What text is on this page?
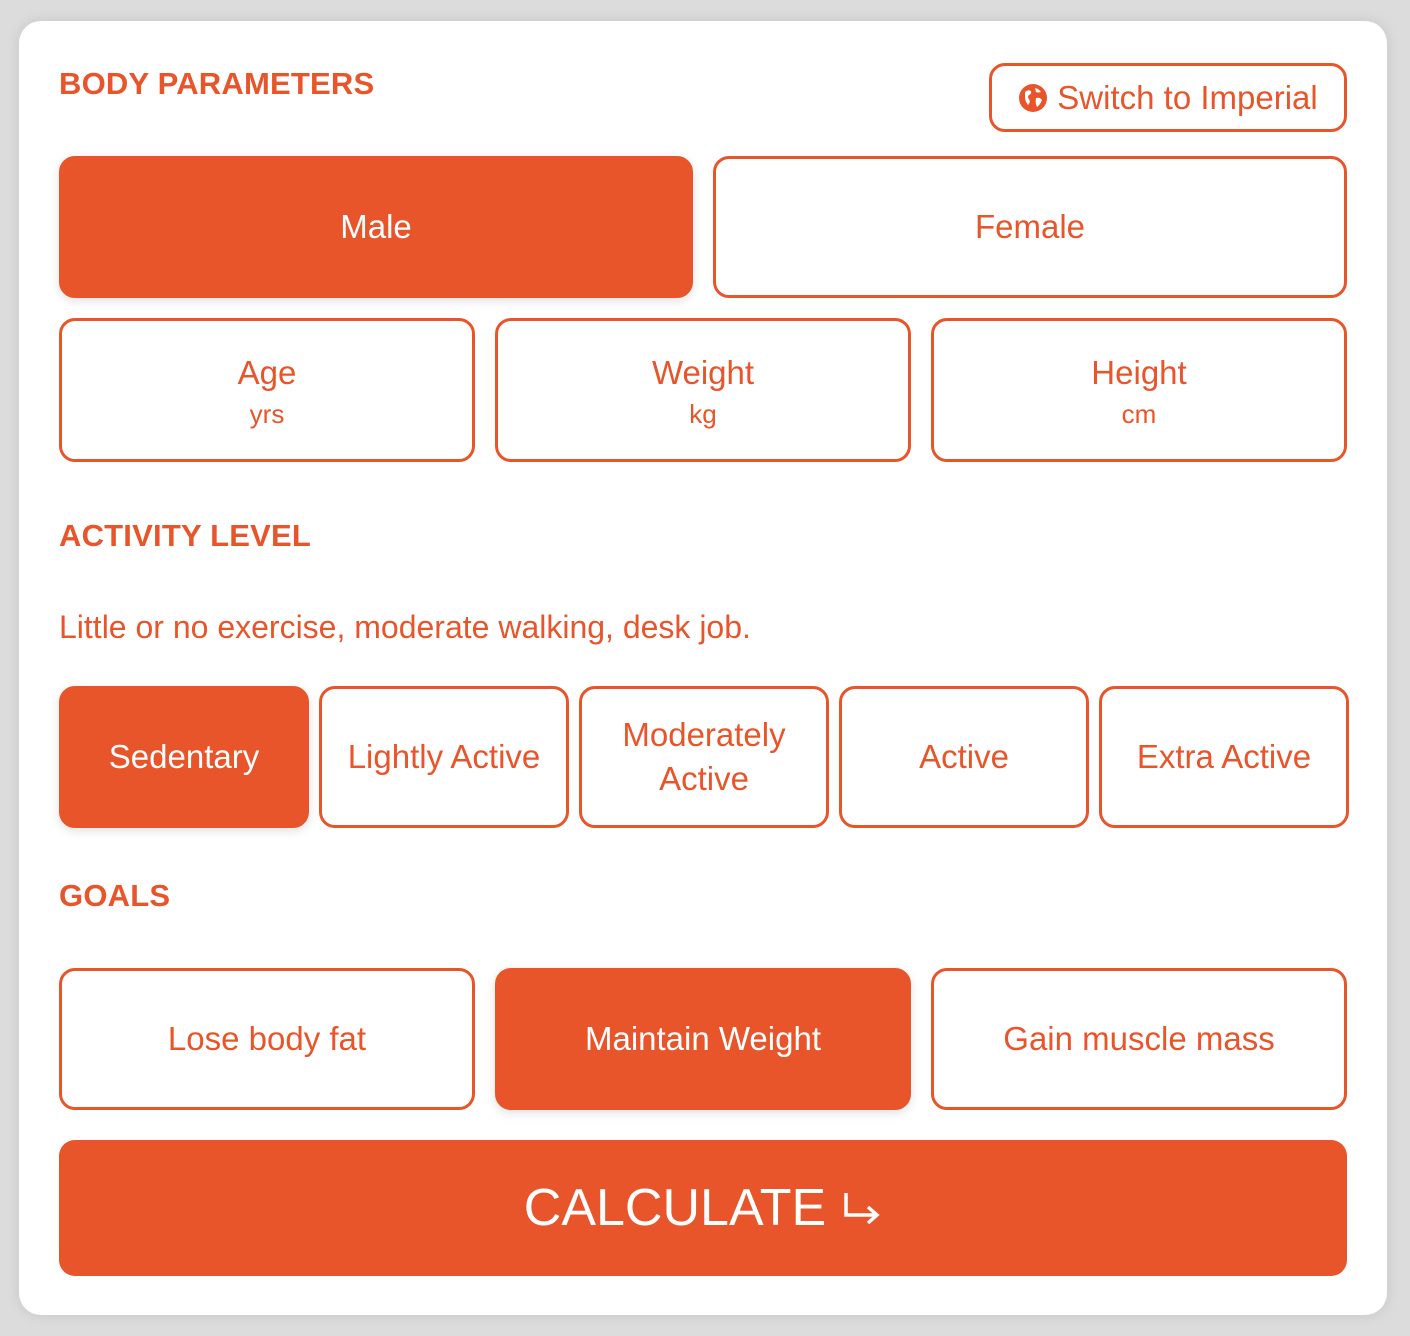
BODY PARAMETERS	Switch to Imperial
Male	Female
Age
yrs
Weight
kg
Height
cm
ACTIVITY LEVEL

Little or no exercise, moderate walking, desk job.

Sedentary	Lightly Active
Moderately Active
Active	Extra Active
GOALS
Lose body fat	Maintain Weight	Gain muscle mass
CALCULATE
